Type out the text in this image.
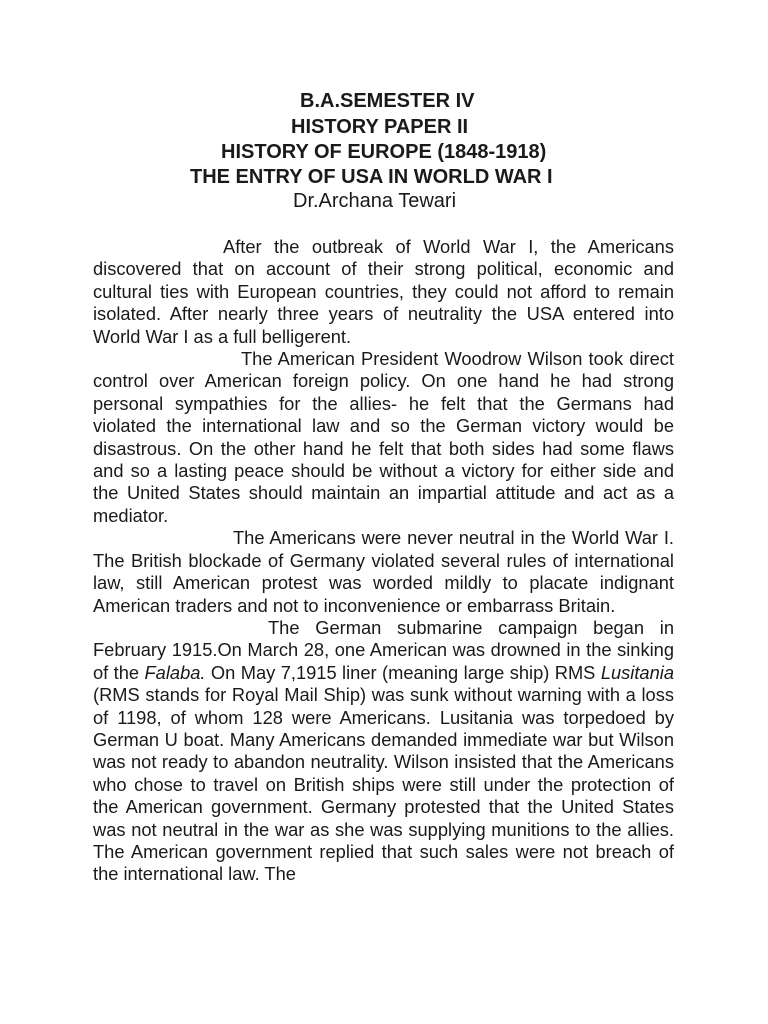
B.A.SEMESTER IV
HISTORY PAPER II
HISTORY OF EUROPE (1848-1918)
THE ENTRY OF USA IN WORLD WAR I
Dr.Archana Tewari

After the outbreak of World War I, the Americans discovered that on account of their strong political, economic and cultural ties with European countries, they could not afford to remain isolated. After nearly three years of neutrality the USA entered into World War I as a full belligerent.

The American President Woodrow Wilson took direct control over American foreign policy. On one hand he had strong personal sympathies for the allies- he felt that the Germans had violated the international law and so the German victory would be disastrous. On the other hand he felt that both sides had some flaws and so a lasting peace should be without a victory for either side and the United States should maintain an impartial attitude and act as a mediator.

The Americans were never neutral in the World War I. The British blockade of Germany violated several rules of international law, still American protest was worded mildly to placate indignant American traders and not to inconvenience or embarrass Britain.

The German submarine campaign began in February 1915.On March 28, one American was drowned in the sinking of the Falaba. On May 7,1915 liner (meaning large ship) RMS Lusitania (RMS stands for Royal Mail Ship) was sunk without warning with a loss of 1198, of whom 128 were Americans. Lusitania was torpedoed by German U boat. Many Americans demanded immediate war but Wilson was not ready to abandon neutrality. Wilson insisted that the Americans who chose to travel on British ships were still under the protection of the American government. Germany protested that the United States was not neutral in the war as she was supplying munitions to the allies. The American government replied that such sales were not breach of the international law. The
